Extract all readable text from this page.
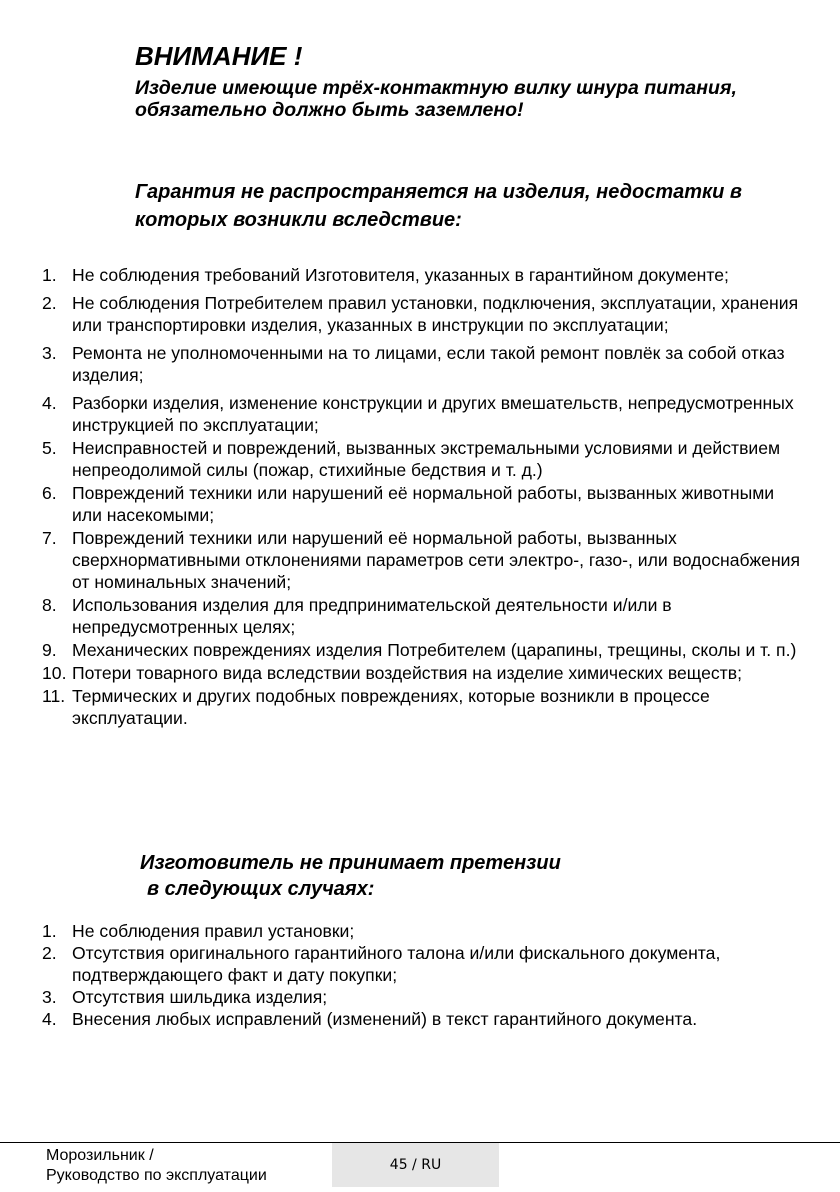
ВНИМАНИЕ !

Изделие имеющие трёх-контактную вилку шнура питания, обязательно должно быть заземлено!

Гарантия не распространяется на изделия, недостатки в которых возникли вследствие:

1. Не соблюдения требований Изготовителя, указанных в гарантийном документе;
2. Не соблюдения Потребителем правил установки, подключения, эксплуатации, хранения или транспортировки изделия, указанных в инструкции по эксплуатации;
3. Ремонта не уполномоченными на то лицами, если такой ремонт повлёк за собой отказ изделия;
4. Разборки изделия, изменение конструкции и других вмешательств, непредусмотренных инструкцией по эксплуатации;
5. Неисправностей и повреждений, вызванных экстремальными условиями и действием непреодолимой силы (пожар, стихийные бедствия и т. д.)
6. Повреждений техники или нарушений её нормальной работы, вызванных животными или насекомыми;
7. Повреждений техники или нарушений её нормальной работы, вызванных сверхнормативными отклонениями параметров сети электро-, газо-, или водоснабжения от номинальных значений;
8. Использования изделия для предпринимательской деятельности и/или в непредусмотренных целях;
9. Механических повреждениях изделия Потребителем (царапины, трещины, сколы и т. п.)
10. Потери товарного вида вследствии воздействия на изделие химических веществ;
11. Термических и других подобных повреждениях, которые возникли в процессе эксплуатации.

Изготовитель не принимает претензии
в следующих случаях:

1. Не соблюдения правил установки;
2. Отсутствия оригинального гарантийного талона и/или фискального документа, подтверждающего факт и дату покупки;
3. Отсутствия шильдика изделия;
4. Внесения любых исправлений (изменений) в текст гарантийного документа.
Морозильник /
Руководство по эксплуатации
45 / RU
